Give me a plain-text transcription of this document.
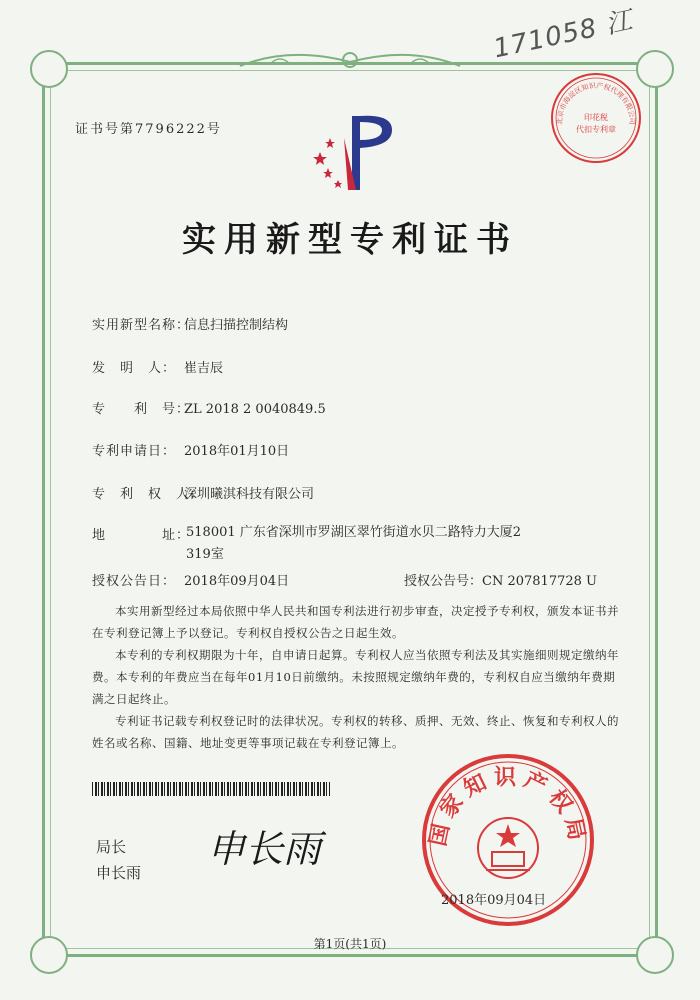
171058 江
证书号第7796222号
北京市海淀区知识产权代理有限公司
印花税
代扣专利章
实用新型专利证书
实用新型名称：信息扫描控制结构
发　明　人： 崔吉辰
专　　利　号：ZL 2018 2 0040849.5
专利申请日： 2018年01月10日
专　利　权　人：深圳曦淇科技有限公司
地　　　　址：
518001 广东省深圳市罗湖区翠竹街道水贝二路特力大厦2
319室
授权公告日： 2018年09月04日	授权公告号：CN 207817728 U
本实用新型经过本局依照中华人民共和国专利法进行初步审查，决定授予专利权，颁发本证书并在专利登记簿上予以登记。专利权自授权公告之日起生效。
本专利的专利权期限为十年，自申请日起算。专利权人应当依照专利法及其实施细则规定缴纳年费。本专利的年费应当在每年01月10日前缴纳。未按照规定缴纳年费的，专利权自应当缴纳年费期满之日起终止。
专利证书记载专利权登记时的法律状况。专利权的转移、质押、无效、终止、恢复和专利权人的姓名或名称、国籍、地址变更等事项记载在专利登记簿上。
局长
申长雨
申长雨	国家知识产权局
2018年09月04日
第1页(共1页)
